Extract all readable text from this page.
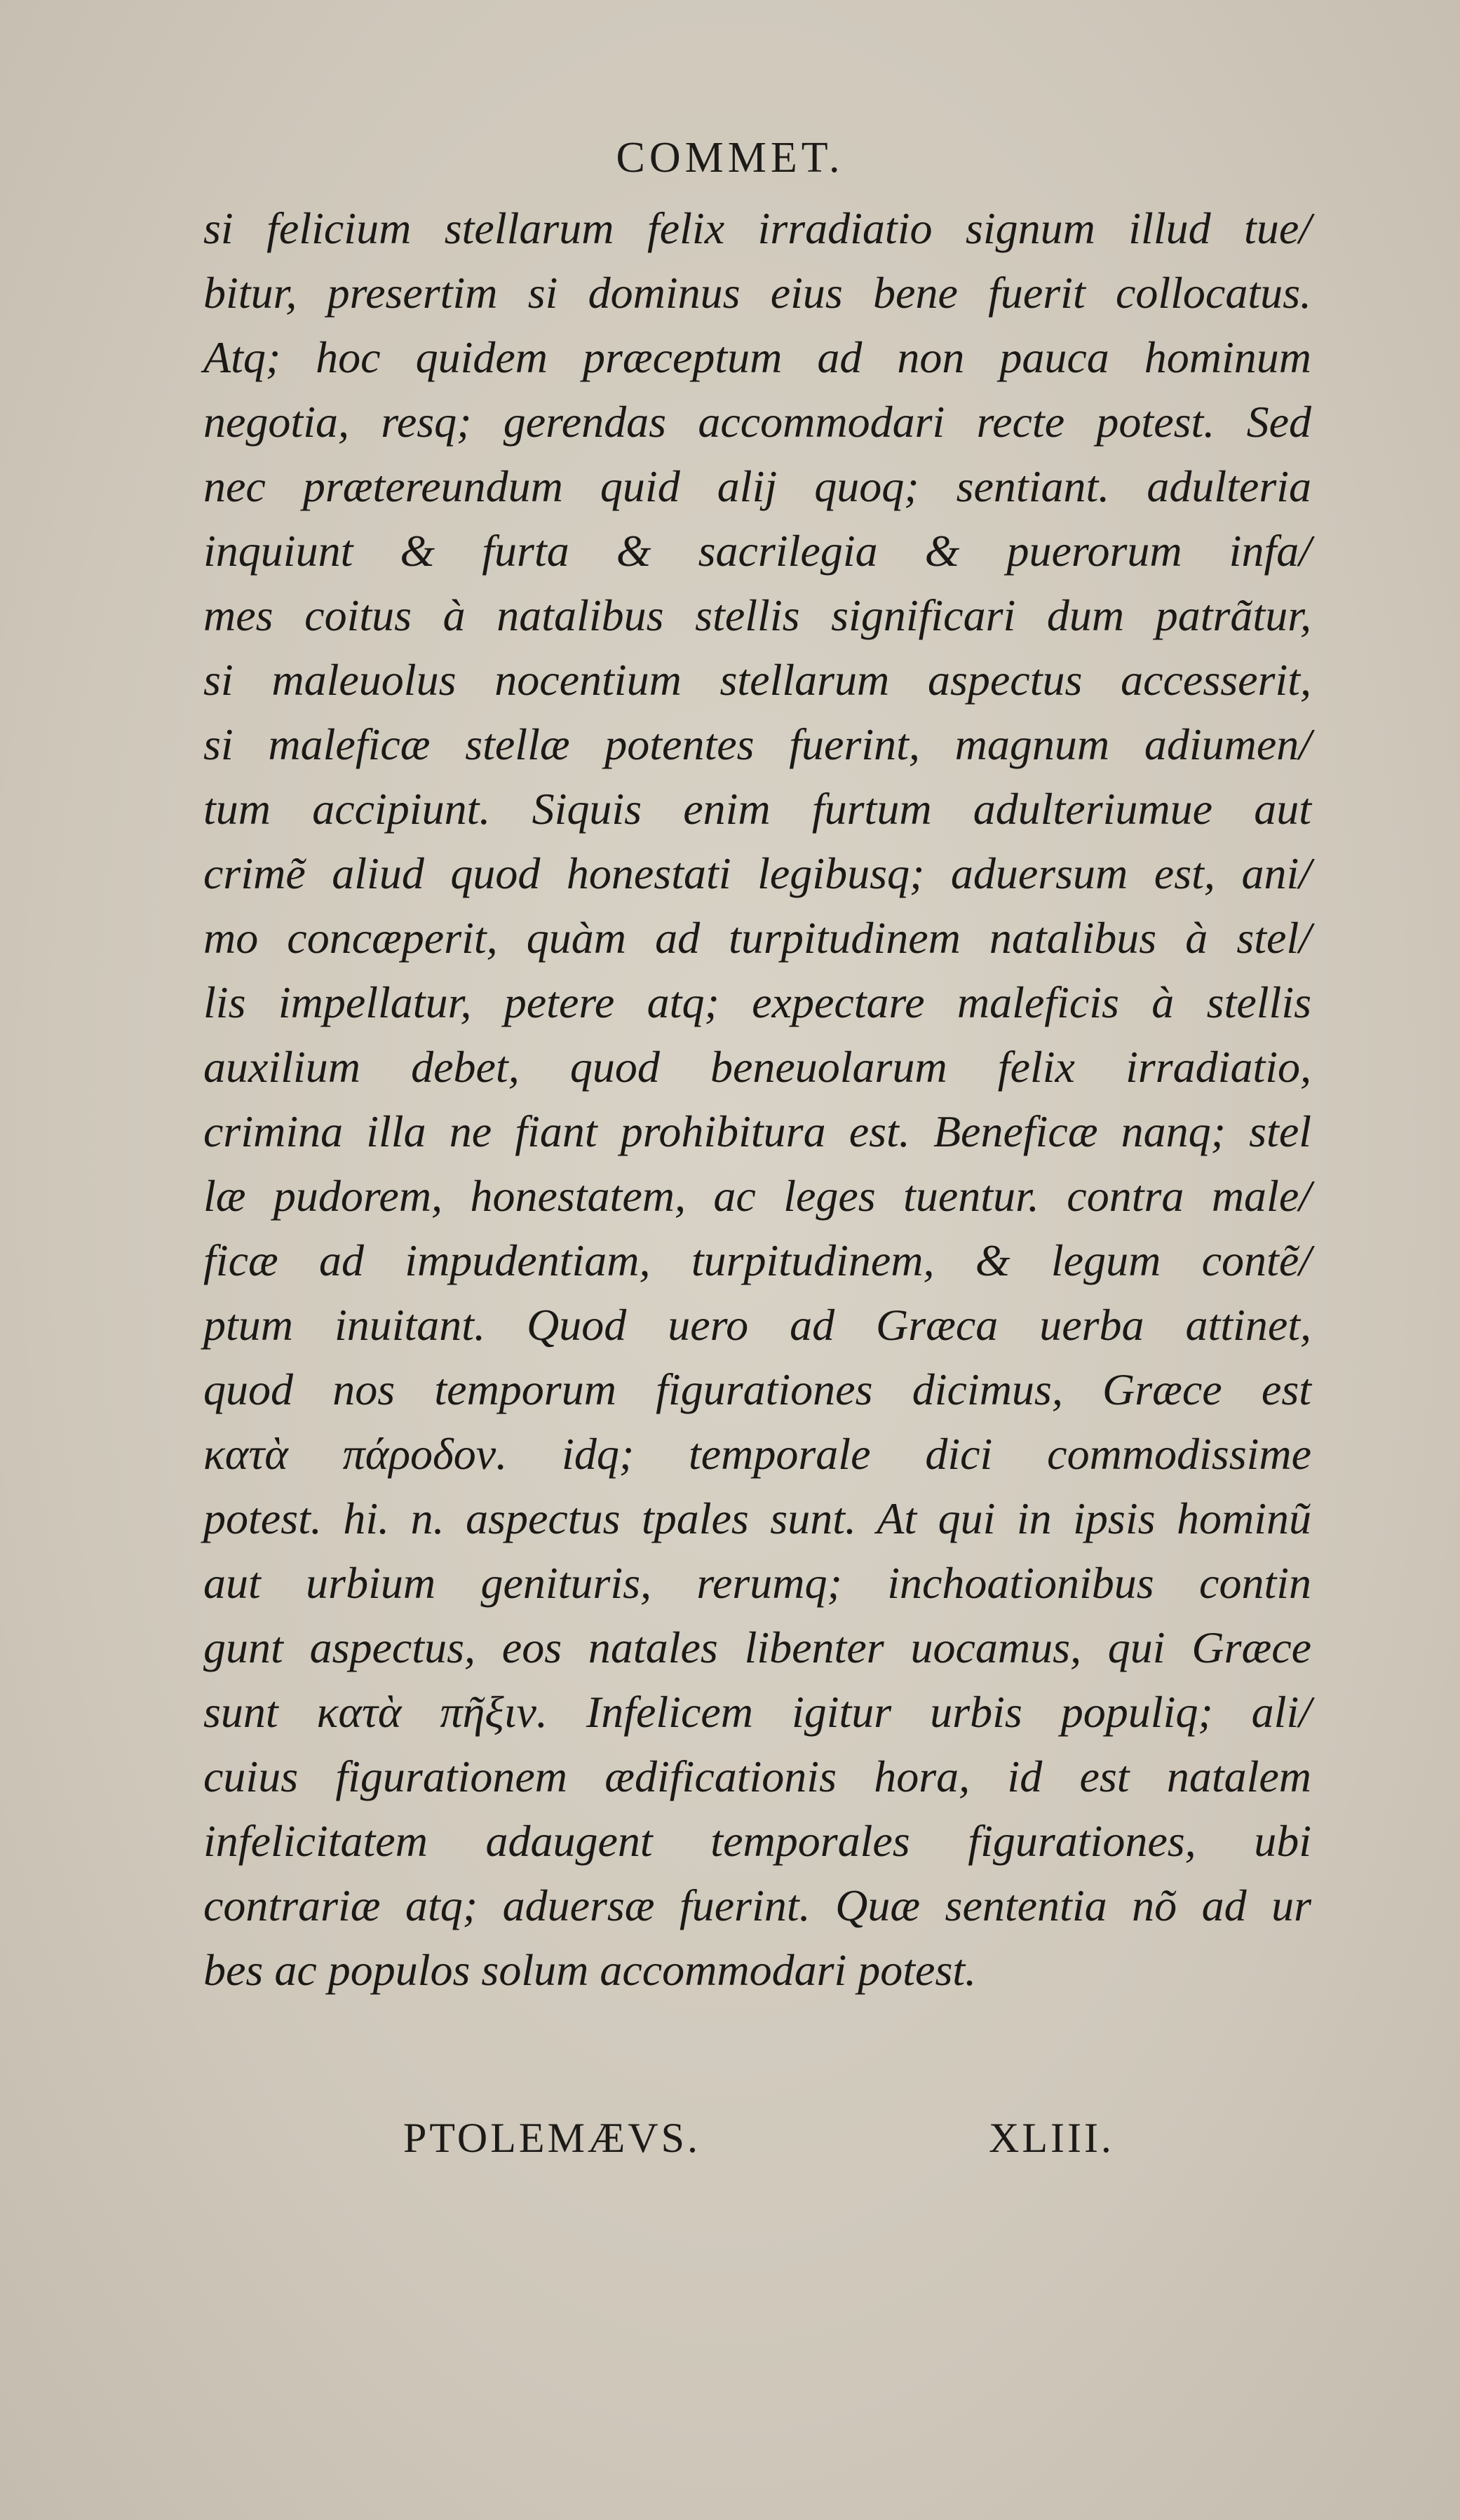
COMMET.
si felicium stellarum felix irradiatio signum illud tue/
bitur, presertim si dominus eius bene fuerit collocatus.
Atq; hoc quidem præceptum ad non pauca hominum
negotia, resq; gerendas accommodari recte potest. Sed
nec prætereundum quid alij quoq; sentiant. adulteria
inquiunt & furta & sacrilegia & puerorum infa/
mes coitus à natalibus stellis significari dum patrãtur,
si maleuolus nocentium stellarum aspectus accesserit,
si maleficæ stellæ potentes fuerint, magnum adiumen/
tum accipiunt. Siquis enim furtum adulteriumue aut
crimẽ aliud quod honestati legibusq; aduersum est, ani/
mo concæperit, quàm ad turpitudinem natalibus à stel/
lis impellatur, petere atq; expectare maleficis à stellis
auxilium debet, quod beneuolarum felix irradiatio,
crimina illa ne fiant prohibitura est. Beneficæ nanq; stel
læ pudorem, honestatem, ac leges tuentur. contra male/
ficæ ad impudentiam, turpitudinem, & legum contẽ/
ptum inuitant. Quod uero ad Græca uerba attinet,
quod nos temporum figurationes dicimus, Græce est
κατὰ πάροδον. idq; temporale dici commodissime
potest. hi. n. aspectus tpales sunt. At qui in ipsis hominũ
aut urbium genituris, rerumq; inchoationibus contin
gunt aspectus, eos natales libenter uocamus, qui Græce
sunt κατὰ πῆξιν. Infelicem igitur urbis populiq; ali/
cuius figurationem ædificationis hora, id est natalem
infelicitatem adaugent temporales figurationes, ubi
contrariæ atq; aduersæ fuerint. Quæ sententia nõ ad ur
bes ac populos solum accommodari potest.
PTOLEMÆVS.	XLIII.
